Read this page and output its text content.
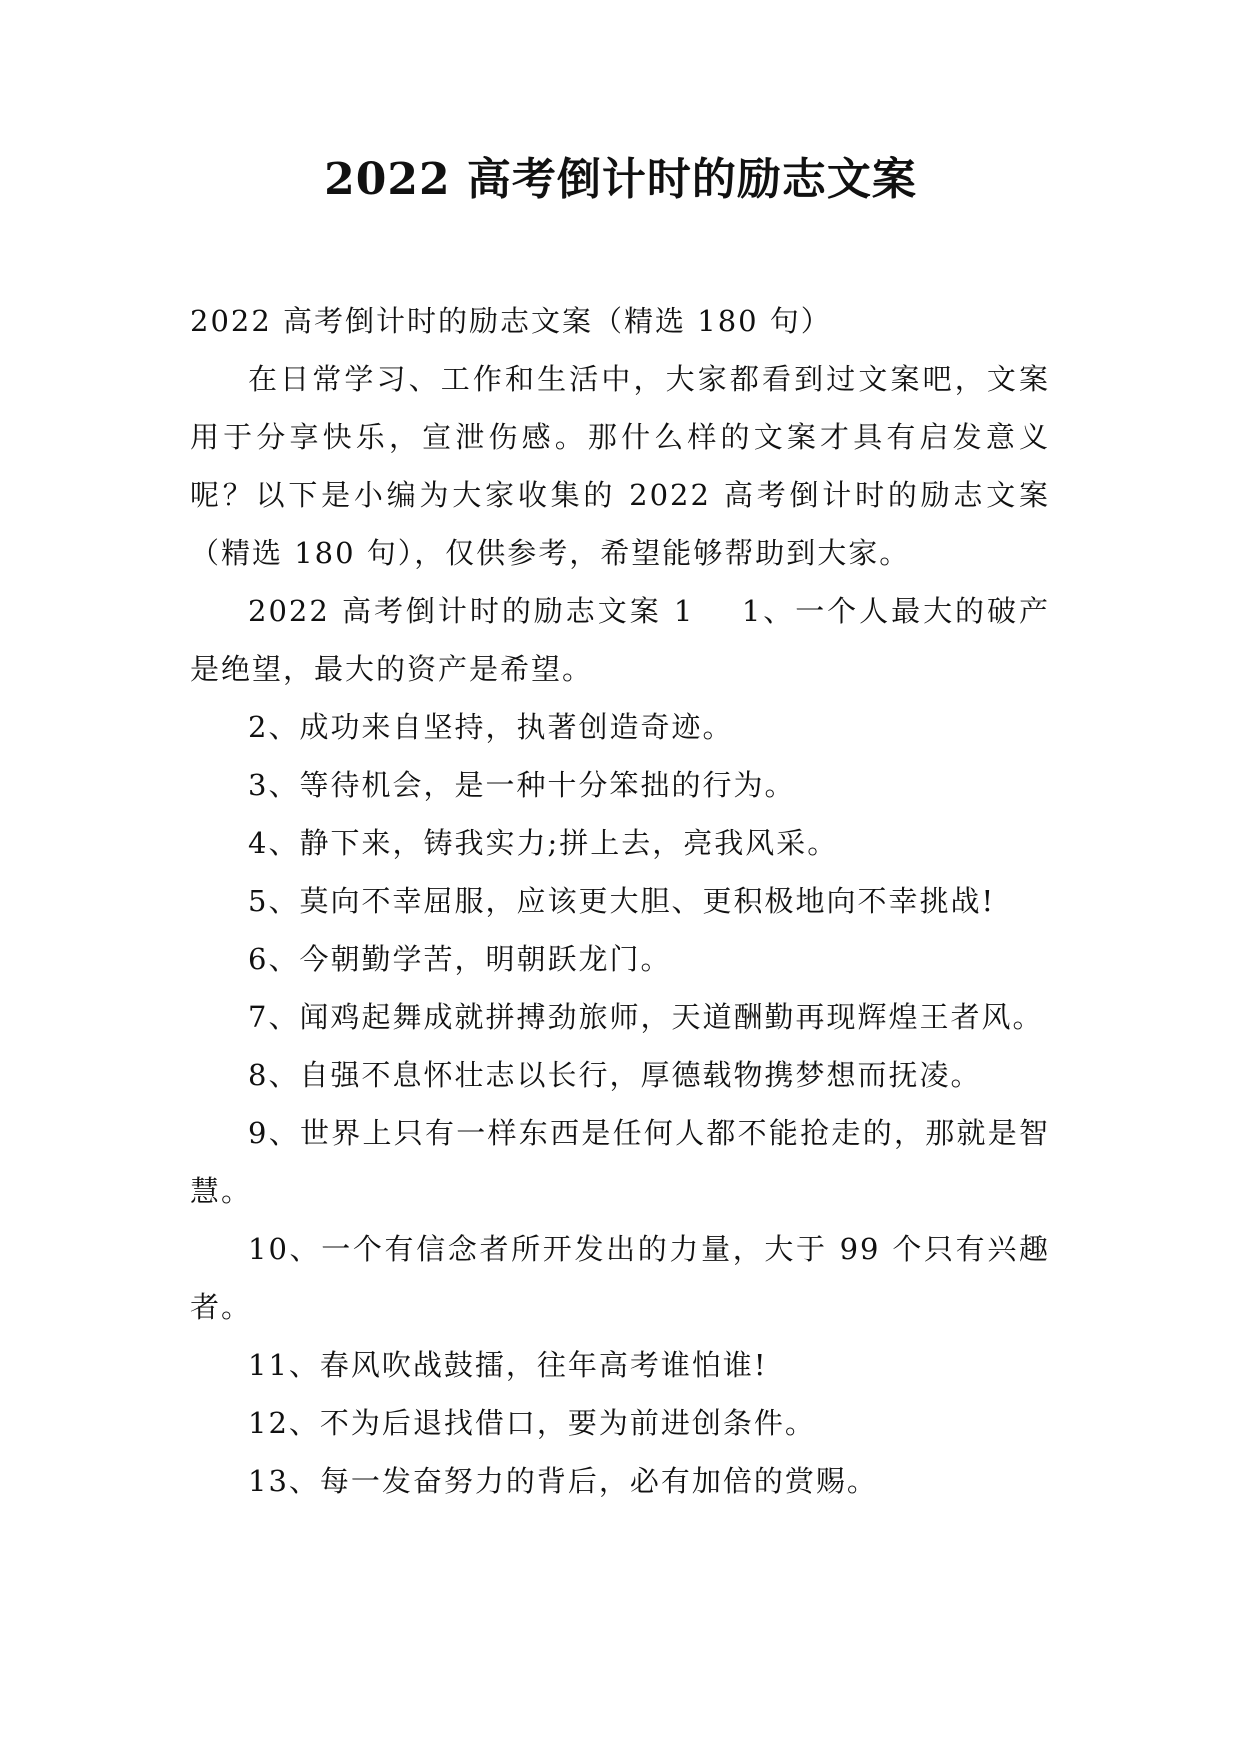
2022 高考倒计时的励志文案

2022 高考倒计时的励志文案（精选 180 句）

在日常学习、工作和生活中，大家都看到过文案吧，文案用于分享快乐，宣泄伤感。那什么样的文案才具有启发意义呢？以下是小编为大家收集的 2022 高考倒计时的励志文案（精选 180 句），仅供参考，希望能够帮助到大家。

2022 高考倒计时的励志文案 1   1、一个人最大的破产是绝望，最大的资产是希望。

2、成功来自坚持，执著创造奇迹。

3、等待机会，是一种十分笨拙的行为。

4、静下来，铸我实力;拼上去，亮我风采。

5、莫向不幸屈服，应该更大胆、更积极地向不幸挑战!

6、今朝勤学苦，明朝跃龙门。

7、闻鸡起舞成就拼搏劲旅师，天道酬勤再现辉煌王者风。

8、自强不息怀壮志以长行，厚德载物携梦想而抚凌。

9、世界上只有一样东西是任何人都不能抢走的，那就是智慧。

10、一个有信念者所开发出的力量，大于 99 个只有兴趣者。

11、春风吹战鼓擂，往年高考谁怕谁!

12、不为后退找借口，要为前进创条件。

13、每一发奋努力的背后，必有加倍的赏赐。
